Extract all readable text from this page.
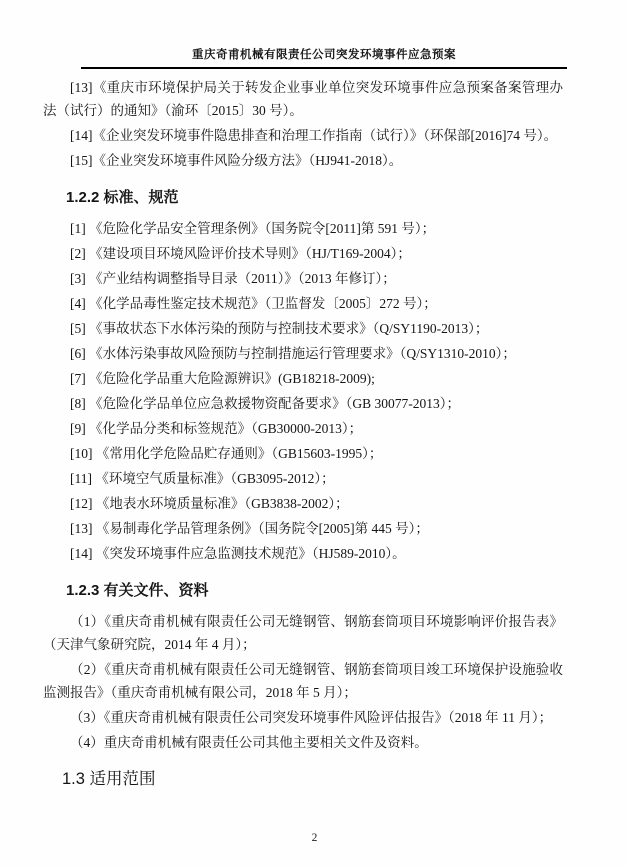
重庆奇甫机械有限责任公司突发环境事件应急预案

[13]《重庆市环境保护局关于转发企业事业单位突发环境事件应急预案备案管理办法（试行）的通知》（渝环〔2015〕30 号）。

[14]《企业突发环境事件隐患排查和治理工作指南（试行）》（环保部[2016]74 号）。

[15]《企业突发环境事件风险分级方法》（HJ941-2018）。

1.2.2 标准、规范

[1] 《危险化学品安全管理条例》（国务院令[2011]第 591 号）；

[2] 《建设项目环境风险评价技术导则》（HJ/T169-2004）；

[3] 《产业结构调整指导目录（2011）》（2013 年修订）；

[4] 《化学品毒性鉴定技术规范》（卫监督发〔2005〕272 号）；

[5] 《事故状态下水体污染的预防与控制技术要求》（Q/SY1190-2013）；

[6] 《水体污染事故风险预防与控制措施运行管理要求》（Q/SY1310-2010）；

[7] 《危险化学品重大危险源辨识》(GB18218-2009);

[8] 《危险化学品单位应急救援物资配备要求》（GB 30077-2013）；

[9] 《化学品分类和标签规范》（GB30000-2013）；

[10] 《常用化学危险品贮存通则》（GB15603-1995）；

[11] 《环境空气质量标准》（GB3095-2012）；

[12] 《地表水环境质量标准》（GB3838-2002）；

[13] 《易制毒化学品管理条例》（国务院令[2005]第 445 号）；

[14] 《突发环境事件应急监测技术规范》（HJ589-2010）。

1.2.3 有关文件、资料

（1）《重庆奇甫机械有限责任公司无缝钢管、钢筋套筒项目环境影响评价报告表》（天津气象研究院，2014 年 4 月）；

（2）《重庆奇甫机械有限责任公司无缝钢管、钢筋套筒项目竣工环境保护设施验收监测报告》（重庆奇甫机械有限公司，2018 年 5 月）；

（3）《重庆奇甫机械有限责任公司突发环境事件风险评估报告》（2018 年 11 月）；

（4）重庆奇甫机械有限责任公司其他主要相关文件及资料。

1.3 适用范围
2
